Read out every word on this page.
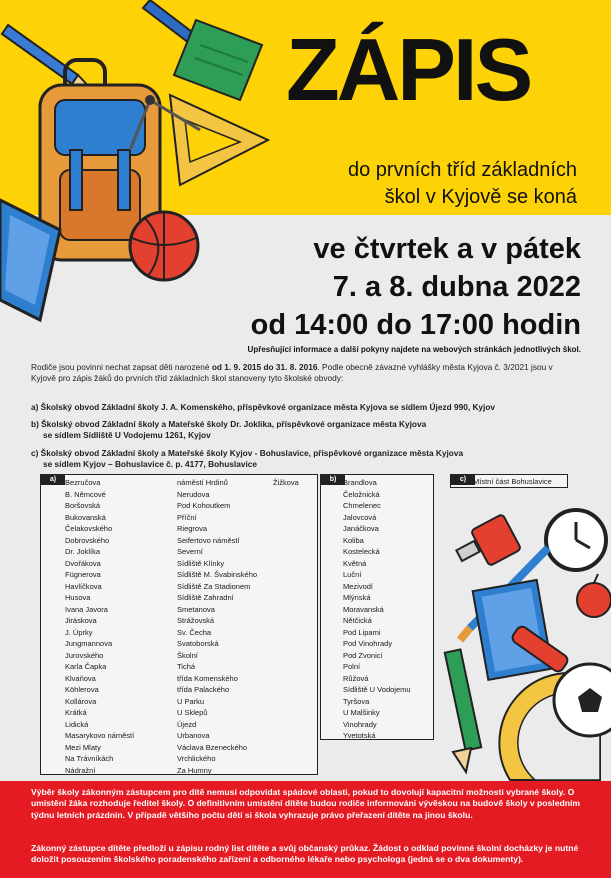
ZÁPIS
do prvních tříd základních
škol v Kyjově se koná
ve čtvrtek a v pátek
7. a 8. dubna 2022
od 14:00 do 17:00 hodin
Upřesňující informace a další pokyny najdete na webových stránkách jednotlivých škol.
Rodiče jsou povinni nechat zapsat děti narozené od 1. 9. 2015 do 31. 8. 2016. Podle obecně závazné vyhlášky města Kyjova č. 3/2021 jsou v Kyjově pro zápis žáků do prvních tříd základních škol stanoveny tyto školské obvody:
a) Školský obvod Základní školy J. A. Komenského, příspěvkové organizace města Kyjova se sídlem Újezd 990, Kyjov
b) Školský obvod Základní školy a Mateřské školy Dr. Joklika, příspěvkové organizace města Kyjova
se sídlem Sídliště U Vodojemu 1261, Kyjov
c) Školský obvod Základní školy a Mateřské školy Kyjov - Bohuslavice, příspěvkové organizace města Kyjova
se sídlem Kyjov – Bohuslavice č. p. 4177, Bohuslavice
a)	Bezručova
B. Němcové
Boršovská
Bukovanská
Čelakovského
Dobrovského
Dr. Joklíka
Dvořákova
Fügnerova
Havlíčkova
Husova
Ivana Javora
Jiráskova
J. Úprky
Jungmannova
Jurovského
Karla Čapka
Klvaňova
Köhlerova
Kollárova
Krátká
Lidická
Masarykovo náměstí
Mezi Mlaty
Na Trávníkách
Nádražní
náměstí Hrdinů
Nerudova
Pod Kohoutkem
Příční
Riegrova
Seifertovo náměstí
Severní
Sídliště Klínky
Sídliště M. Švabinského
Sídliště Za Stadionem
Sídliště Zahradní
Smetanova
Strážovská
Sv. Čecha
Svatoborská
Školní
Tichá
třída Komenského
třída Palackého
U Parku
U Sklepů
Újezd
Urbanova
Václava Bzeneckého
Vrchlického
Za Humny
Žižkova	b) Brandlova
Čeložnická
Chmelenec
Jalovcová
Janáčkova
Koliba
Kostelecká
Květná
Luční
Mezivodí
Mlýnská
Moravanská
Nětčická
Pod Lipami
Pod Vinohrady
Pod Zvonicí
Polní
Růžová
Sídliště U Vodojemu
Tyršova
U Malšinky
Vinohrady
Yvetotská
c) Místní část Bohuslavice

Výběr školy zákonným zástupcem pro dítě nemusí odpovídat spádové oblasti, pokud to dovolují kapacitní možnosti vybrané školy. O umístění žáka rozhoduje ředitel školy. O definitivním umístění dítěte budou rodiče informováni vývěskou na budově školy v posledním týdnu letních prázdnin. V případě většího počtu dětí si škola vyhrazuje právo přeřazení dítěte na jinou školu.

Zákonný zástupce dítěte předloží u zápisu rodný list dítěte a svůj občanský průkaz. Žádost o odklad povinné školní docházky je nutné doložit posouzením školského poradenského zařízení a odborného lékaře nebo psychologa (jedná se o dva dokumenty).
